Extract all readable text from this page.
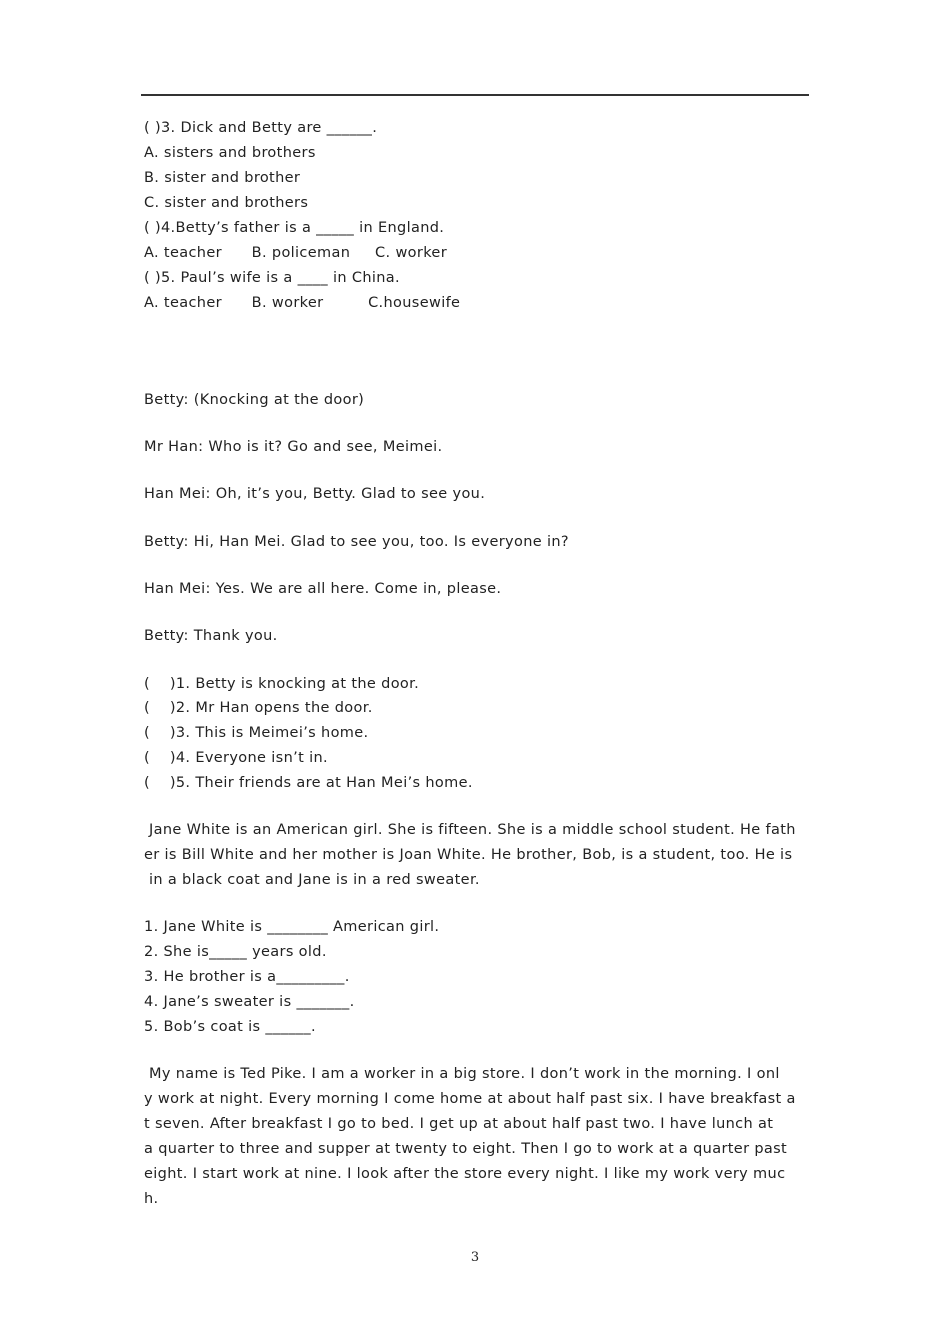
( )3. Dick and Betty are ______.
A. sisters and brothers
B. sister and brother
C. sister and brothers
( )4.Betty’s father is a _____ in England.
A. teacher      B. policeman     C. worker
( )5. Paul’s wife is a ____ in China.
A. teacher      B. worker         C.housewife
Betty: (Knocking at the door)
Mr Han: Who is it? Go and see, Meimei.
Han Mei: Oh, it’s you, Betty. Glad to see you.
Betty: Hi, Han Mei. Glad to see you, too. Is everyone in?
Han Mei: Yes. We are all here. Come in, please.
Betty: Thank you.
(    )1. Betty is knocking at the door.
(    )2. Mr Han opens the door.
(    )3. This is Meimei’s home.
(    )4. Everyone isn’t in.
(    )5. Their friends are at Han Mei’s home.
Jane White is an American girl. She is fifteen. She is a middle school student. He fath
er is Bill White and her mother is Joan White. He brother, Bob, is a student, too. He is
in a black coat and Jane is in a red sweater.
1. Jane White is ________ American girl.
2. She is_____ years old.
3. He brother is a_________.
4. Jane’s sweater is _______.
5. Bob’s coat is ______.
My name is Ted Pike. I am a worker in a big store. I don’t work in the morning. I onl
y work at night. Every morning I come home at about half past six. I have breakfast a
t seven. After breakfast I go to bed. I get up at about half past two. I have lunch at
a quarter to three and supper at twenty to eight. Then I go to work at a quarter past
eight. I start work at nine. I look after the store every night. I like my work very muc
h.
3
